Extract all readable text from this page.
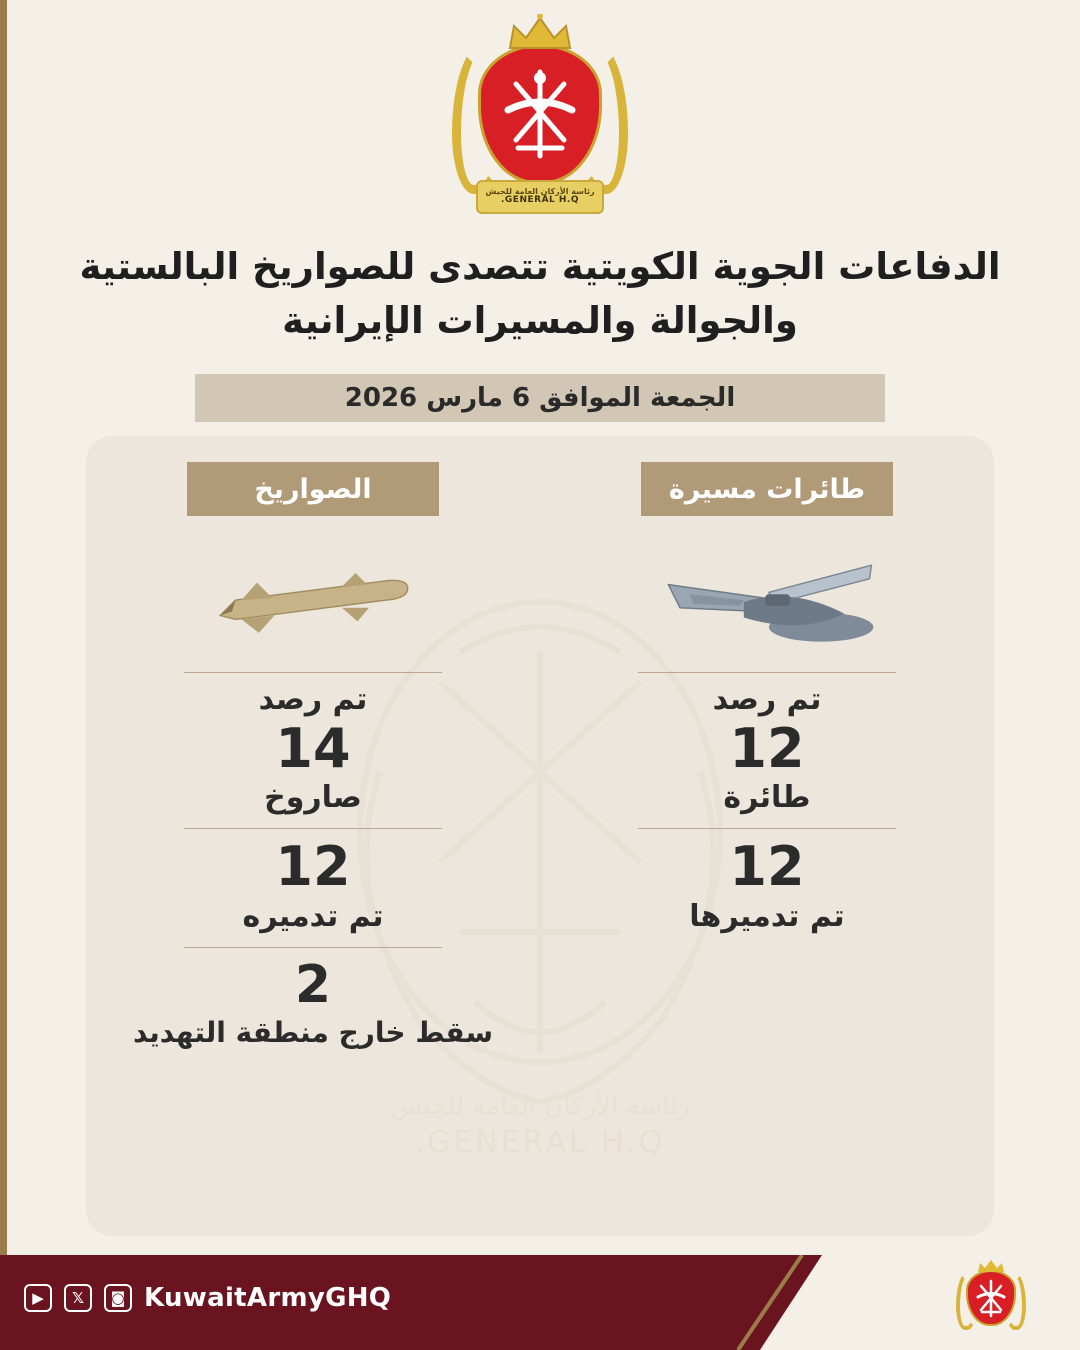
رئاسة الأركان العامة للجيش
GENERAL H.Q.
الدفاعات الجوية الكويتية تتصدى للصواريخ البالستية والجوالة والمسيرات الإيرانية
الجمعة الموافق 6 مارس 2026
رئاسة الأركان العامة للجيش
GENERAL H.Q.
طائرات مسيرة
تم رصد
12
طائرة
12
تم تدميرها
الصواريخ
تم رصد
14
صاروخ
12
تم تدميره
2
سقط خارج منطقة التهديد
▶	𝕏	◙ KuwaitArmyGHQ
